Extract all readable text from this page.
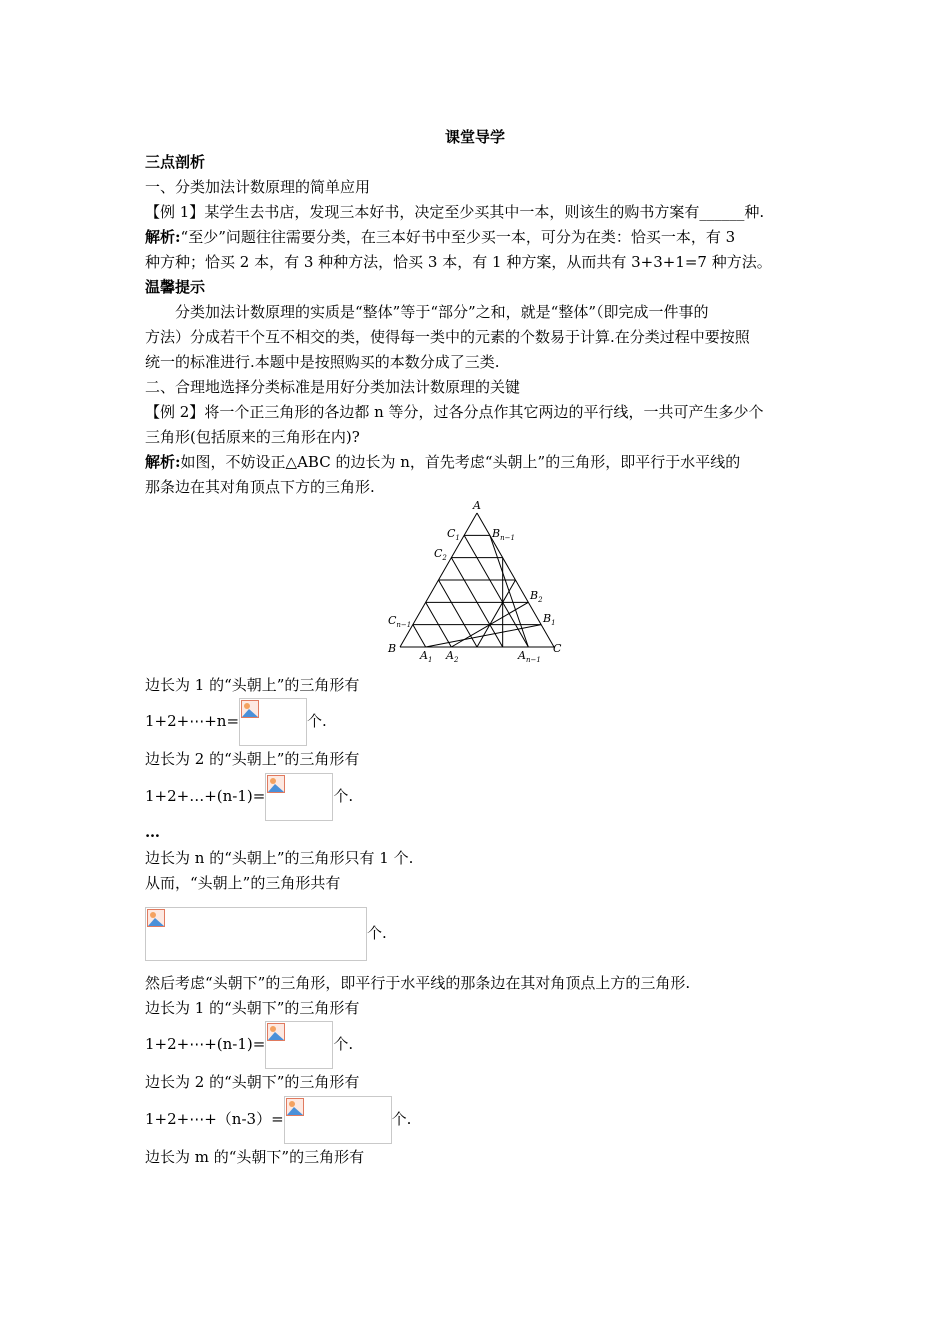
课堂导学
三点剖析
一、分类加法计数原理的简单应用
【例 1】某学生去书店，发现三本好书，决定至少买其中一本，则该生的购书方案有______种.
解析:“至少”问题往往需要分类，在三本好书中至少买一本，可分为在类：恰买一本，有 3
种方种；恰买 2 本，有 3 种种方法，恰买 3 本，有 1 种方案，从而共有 3+3+1=7 种方法。
温馨提示
分类加法计数原理的实质是“整体”等于“部分”之和，就是“整体”（即完成一件事的
方法）分成若干个互不相交的类，使得每一类中的元素的个数易于计算.在分类过程中要按照
统一的标准进行.本题中是按照购买的本数分成了三类.
二、合理地选择分类标准是用好分类加法计数原理的关键
【例 2】将一个正三角形的各边都 n 等分，过各分点作其它两边的平行线，一共可产生多少个
三角形(包括原来的三角形在内)?
解析:如图，不妨设正△ABC 的边长为 n，首先考虑“头朝上”的三角形，即平行于水平线的
那条边在其对角顶点下方的三角形.
A
B	C
$C_1$
$C_2$
$C_{n-1}$
$B_{n-1}$
$B_2$
$B_1$
$A_1$ $A_2$	$A_{n-1}$
边长为 1 的“头朝上”的三角形有
1+2+⋯+n=	个.
边长为 2 的“头朝上”的三角形有
1+2+…+(n-1)=	个.
…
边长为 n 的“头朝上”的三角形只有 1 个.
从而，“头朝上”的三角形共有
个.
然后考虑“头朝下”的三角形，即平行于水平线的那条边在其对角顶点上方的三角形.
边长为 1 的“头朝下”的三角形有
1+2+⋯+(n-1)=	个.
边长为 2 的“头朝下”的三角形有
1+2+⋯+（n-3）=	个.
边长为 m 的“头朝下”的三角形有
